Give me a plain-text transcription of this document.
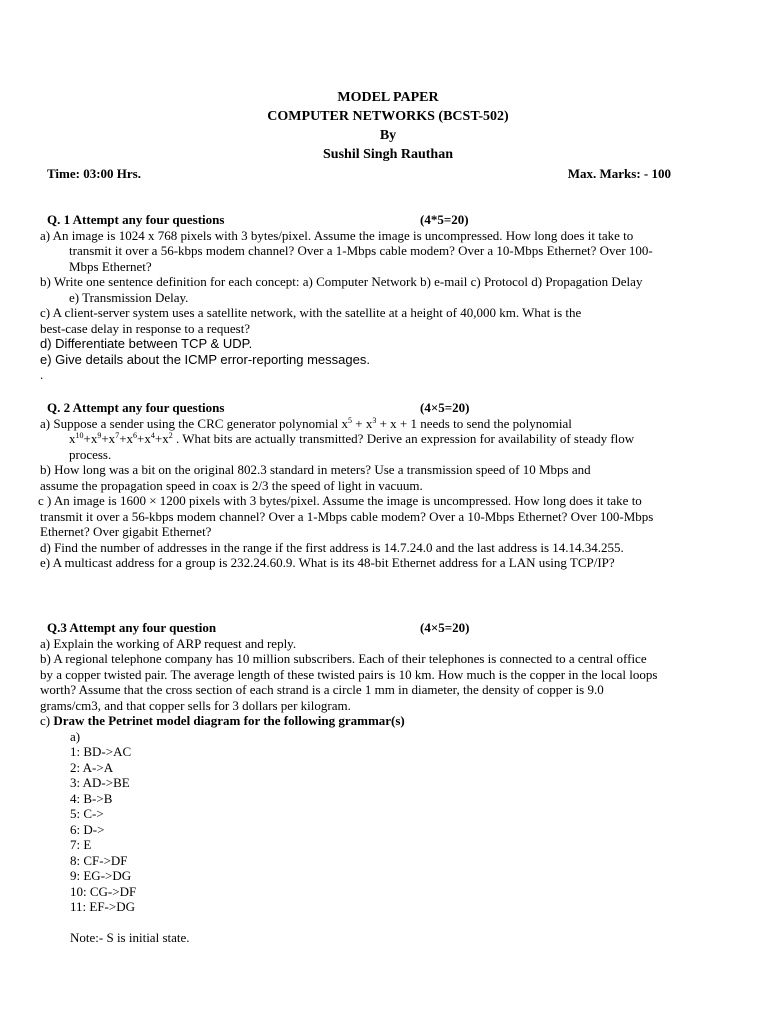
MODEL PAPER
COMPUTER NETWORKS (BCST-502)
By
Sushil Singh Rauthan
Time: 03:00 Hrs.	Max. Marks: - 100
Q. 1 Attempt any four questions	(4*5=20)
a) An image is 1024 x 768 pixels with 3 bytes/pixel. Assume the image is uncompressed. How long does it take to
transmit it over a 56-kbps modem channel? Over a 1-Mbps cable modem? Over a 10-Mbps Ethernet? Over 100-
Mbps Ethernet?
b) Write one sentence definition for each concept: a) Computer Network b) e-mail c) Protocol d) Propagation Delay
e) Transmission Delay.
c) A client-server system uses a satellite network, with the satellite at a height of 40,000 km. What is the
best-case delay in response to a request?
d) Differentiate between TCP & UDP.
e) Give details about the ICMP error-reporting messages.
.
Q. 2 Attempt any four questions	(4×5=20)
a) Suppose a sender using the CRC generator polynomial $x^5 + x^3 + x + 1$ needs to send the polynomial
$x^{10}+x^9+x^7+x^6+x^4+x^2$ . What bits are actually transmitted? Derive an expression for availability of steady flow
process.
b) How long was a bit on the original 802.3 standard in meters? Use a transmission speed of 10 Mbps and
assume the propagation speed in coax is 2/3 the speed of light in vacuum.
c ) An image is 1600 × 1200 pixels with 3 bytes/pixel. Assume the image is uncompressed. How long does it take to
transmit it over a 56-kbps modem channel? Over a 1-Mbps cable modem? Over a 10-Mbps Ethernet? Over 100-Mbps
Ethernet? Over gigabit Ethernet?
d) Find the number of addresses in the range if the first address is 14.7.24.0 and the last address is 14.14.34.255.
e) A multicast address for a group is 232.24.60.9. What is its 48-bit Ethernet address for a LAN using TCP/IP?
Q.3 Attempt any four question	(4×5=20)
a) Explain the working of ARP request and reply.
b) A regional telephone company has 10 million subscribers. Each of their telephones is connected to a central office
by a copper twisted pair. The average length of these twisted pairs is 10 km. How much is the copper in the local loops
worth? Assume that the cross section of each strand is a circle 1 mm in diameter, the density of copper is 9.0
grams/cm3, and that copper sells for 3 dollars per kilogram.
c) Draw the Petrinet model diagram for the following grammar(s)
a)
1: BD->AC
2: A->A
3: AD->BE
4: B->B
5: C->
6: D->
7: E
8: CF->DF
9: EG->DG
10: CG->DF
11: EF->DG
Note:- S is initial state.
